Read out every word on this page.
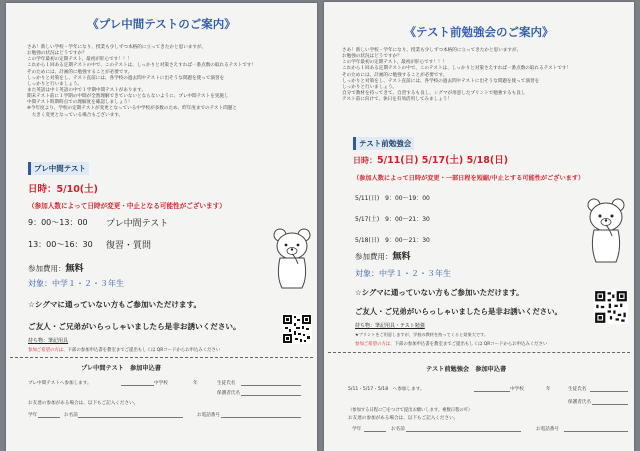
《プレ中間テストのご案内》
さあ！新しい学校・学年になり、授業も少しずつ本格的に立ってきたかと思いますが、
お勉強の状況はどうですか？
この学年最初の定期テスト、最初が肝心です！！！
これから１回ある定期テストの中で、このテストは、しっかりと対策さえすれば一番点数の取れるテストです！
そのためには、計画的に勉強することが必要です。
しっかりと対策をし、テスト直前には、各学校の過去問やテストに出そうな問題を使って演習を
しっかりと行いましょう。
また英語は中１英語の中で１学期中間テストがあります。
期末テスト前に１学期の中間が全然理解できていないとならないように、プレ中間テストを実施し
中間テスト時期時点での理解度を確認しましょう！
※今年度より、学校の定期テストが変更となっている中学校が多数のため、昨年度までのテスト問題と
　大きく変更となっている場合もございます。
プレ中間テスト
日時：5/10(土)
（参加人数によって日時が変更・中止となる可能性がございます）
9：00～13：00 プレ中間テスト
13：00～16：30 復習・質問
参加費用：無料
対象：中学１・２・３年生
☆シグマに通っていない方もご参加いただけます。
ご友人・ご兄弟がいらっしゃいましたら是非お誘いください。
持ち物：筆記用具
参加ご希望の方は、下部の参加申込書を教室までご提出もしくは QRコードからお申込みください
プレ中間テスト　参加申込書
プレ中間テストへ参加します。	中学校	年	生徒氏名
保護者氏名
お友達の参加がある場合は、以下もご記入ください。
学年	お名前	お電話番号
《テスト前勉強会のご案内》
さあ！新しい学校・学年になり、授業も少しずつ本格的に立ってきたかと思いますが、
お勉強の状況はどうですか？
この学年最初の定期テスト、最初が肝心です！！！
これから１回ある定期テストの中で、このテストは、しっかりと対策さえすれば一番点数の取れるテストです！
そのためには、計画的に勉強することが必要です。
しっかりと対策をし、テスト直前には、各学校の過去問やテストに出そうな問題を使って演習を
しっかりと行いましょう。
自分で教材を持ってきて、自習するも良し、シグマが用意したプリントで勉強するも良し
テスト前に向けて、休日を有効活用してみましょう！
テスト前勉強会
日時：5/11(日) 5/17(土) 5/18(日)
（参加人数によって日時が変更・一部日程を短縮/中止とする可能性がございます）
5/11(日)　9：00～19：00
5/17(土)　9：00～21：30
5/18(日)　9：00～21：30
参加費用：無料
対象：中学１・２・３年生
☆シグマに通っていない方もご参加いただけます。
ご友人・ご兄弟がいらっしゃいましたら是非お誘いください。
持ち物：筆記用具・テスト勉強
★プリントをご用意しますが、学校の教材を持ってくると効果大です。
参加ご希望の方は、下部の参加申込書を教室までご提出もしくは QRコードからお申込みください
テスト前勉強会　参加申込書
5/11・5/17・5/18　へ参加します。	中学校	年	生徒氏名
保護者氏名
（参加する日程に〇をつけて提出お願いします。複数日程の可）
お友達の参加がある場合は、以下もご記入ください。
学年	お名前	お電話番号
